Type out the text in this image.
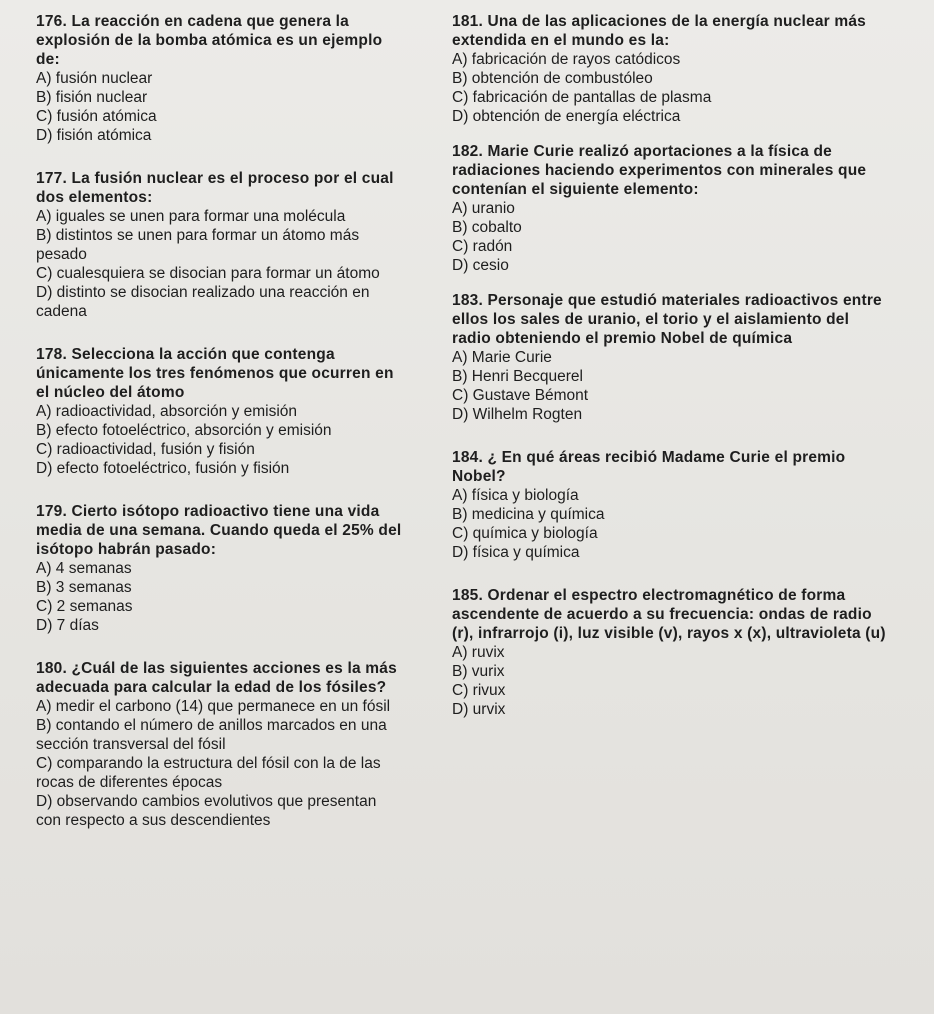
176. La reacción en cadena que genera la explosión de la bomba atómica es un ejemplo de:
A) fusión nuclear
B) fisión nuclear
C) fusión atómica
D) fisión atómica
177. La fusión nuclear es el proceso por el cual dos elementos:
A) iguales se unen para formar una molécula
B) distintos se unen para formar un átomo más pesado
C) cualesquiera se disocian para formar un átomo
D) distinto se disocian realizado una reacción en cadena
178. Selecciona la acción que contenga únicamente los tres fenómenos que ocurren en el núcleo del átomo
A) radioactividad, absorción y emisión
B) efecto fotoeléctrico, absorción y emisión
C) radioactividad, fusión y fisión
D) efecto fotoeléctrico, fusión y fisión
179. Cierto isótopo radioactivo tiene una vida media de una semana. Cuando queda el 25% del isótopo habrán pasado:
A) 4 semanas
B) 3 semanas
C) 2 semanas
D) 7 días
180. ¿Cuál de las siguientes acciones es la más adecuada para calcular la edad de los fósiles?
A) medir el carbono (14) que permanece en un fósil
B) contando el número de anillos marcados en una sección transversal del fósil
C) comparando la estructura del fósil con la de las rocas de diferentes épocas
D) observando cambios evolutivos que presentan con respecto a sus descendientes
181. Una de las aplicaciones de la energía nuclear más extendida en el mundo es la:
A) fabricación de rayos catódicos
B) obtención de combustóleo
C) fabricación de pantallas de plasma
D) obtención de energía eléctrica
182. Marie Curie realizó aportaciones a la física de radiaciones haciendo experimentos con minerales que contenían el siguiente elemento:
A) uranio
B) cobalto
C) radón
D) cesio
183. Personaje que estudió materiales radioactivos entre ellos los sales de uranio, el torio y el aislamiento del radio obteniendo el premio Nobel de química
A) Marie Curie
B) Henri Becquerel
C) Gustave Bémont
D) Wilhelm Rogten
184. ¿ En qué áreas recibió Madame Curie el premio Nobel?
A) física y biología
B) medicina y química
C) química y biología
D) física y química
185. Ordenar el espectro electromagnético de forma ascendente de acuerdo a su frecuencia: ondas de radio (r), infrarrojo (i), luz visible (v), rayos x (x), ultravioleta (u)
A) ruvix
B) vurix
C) rivux
D) urvix
